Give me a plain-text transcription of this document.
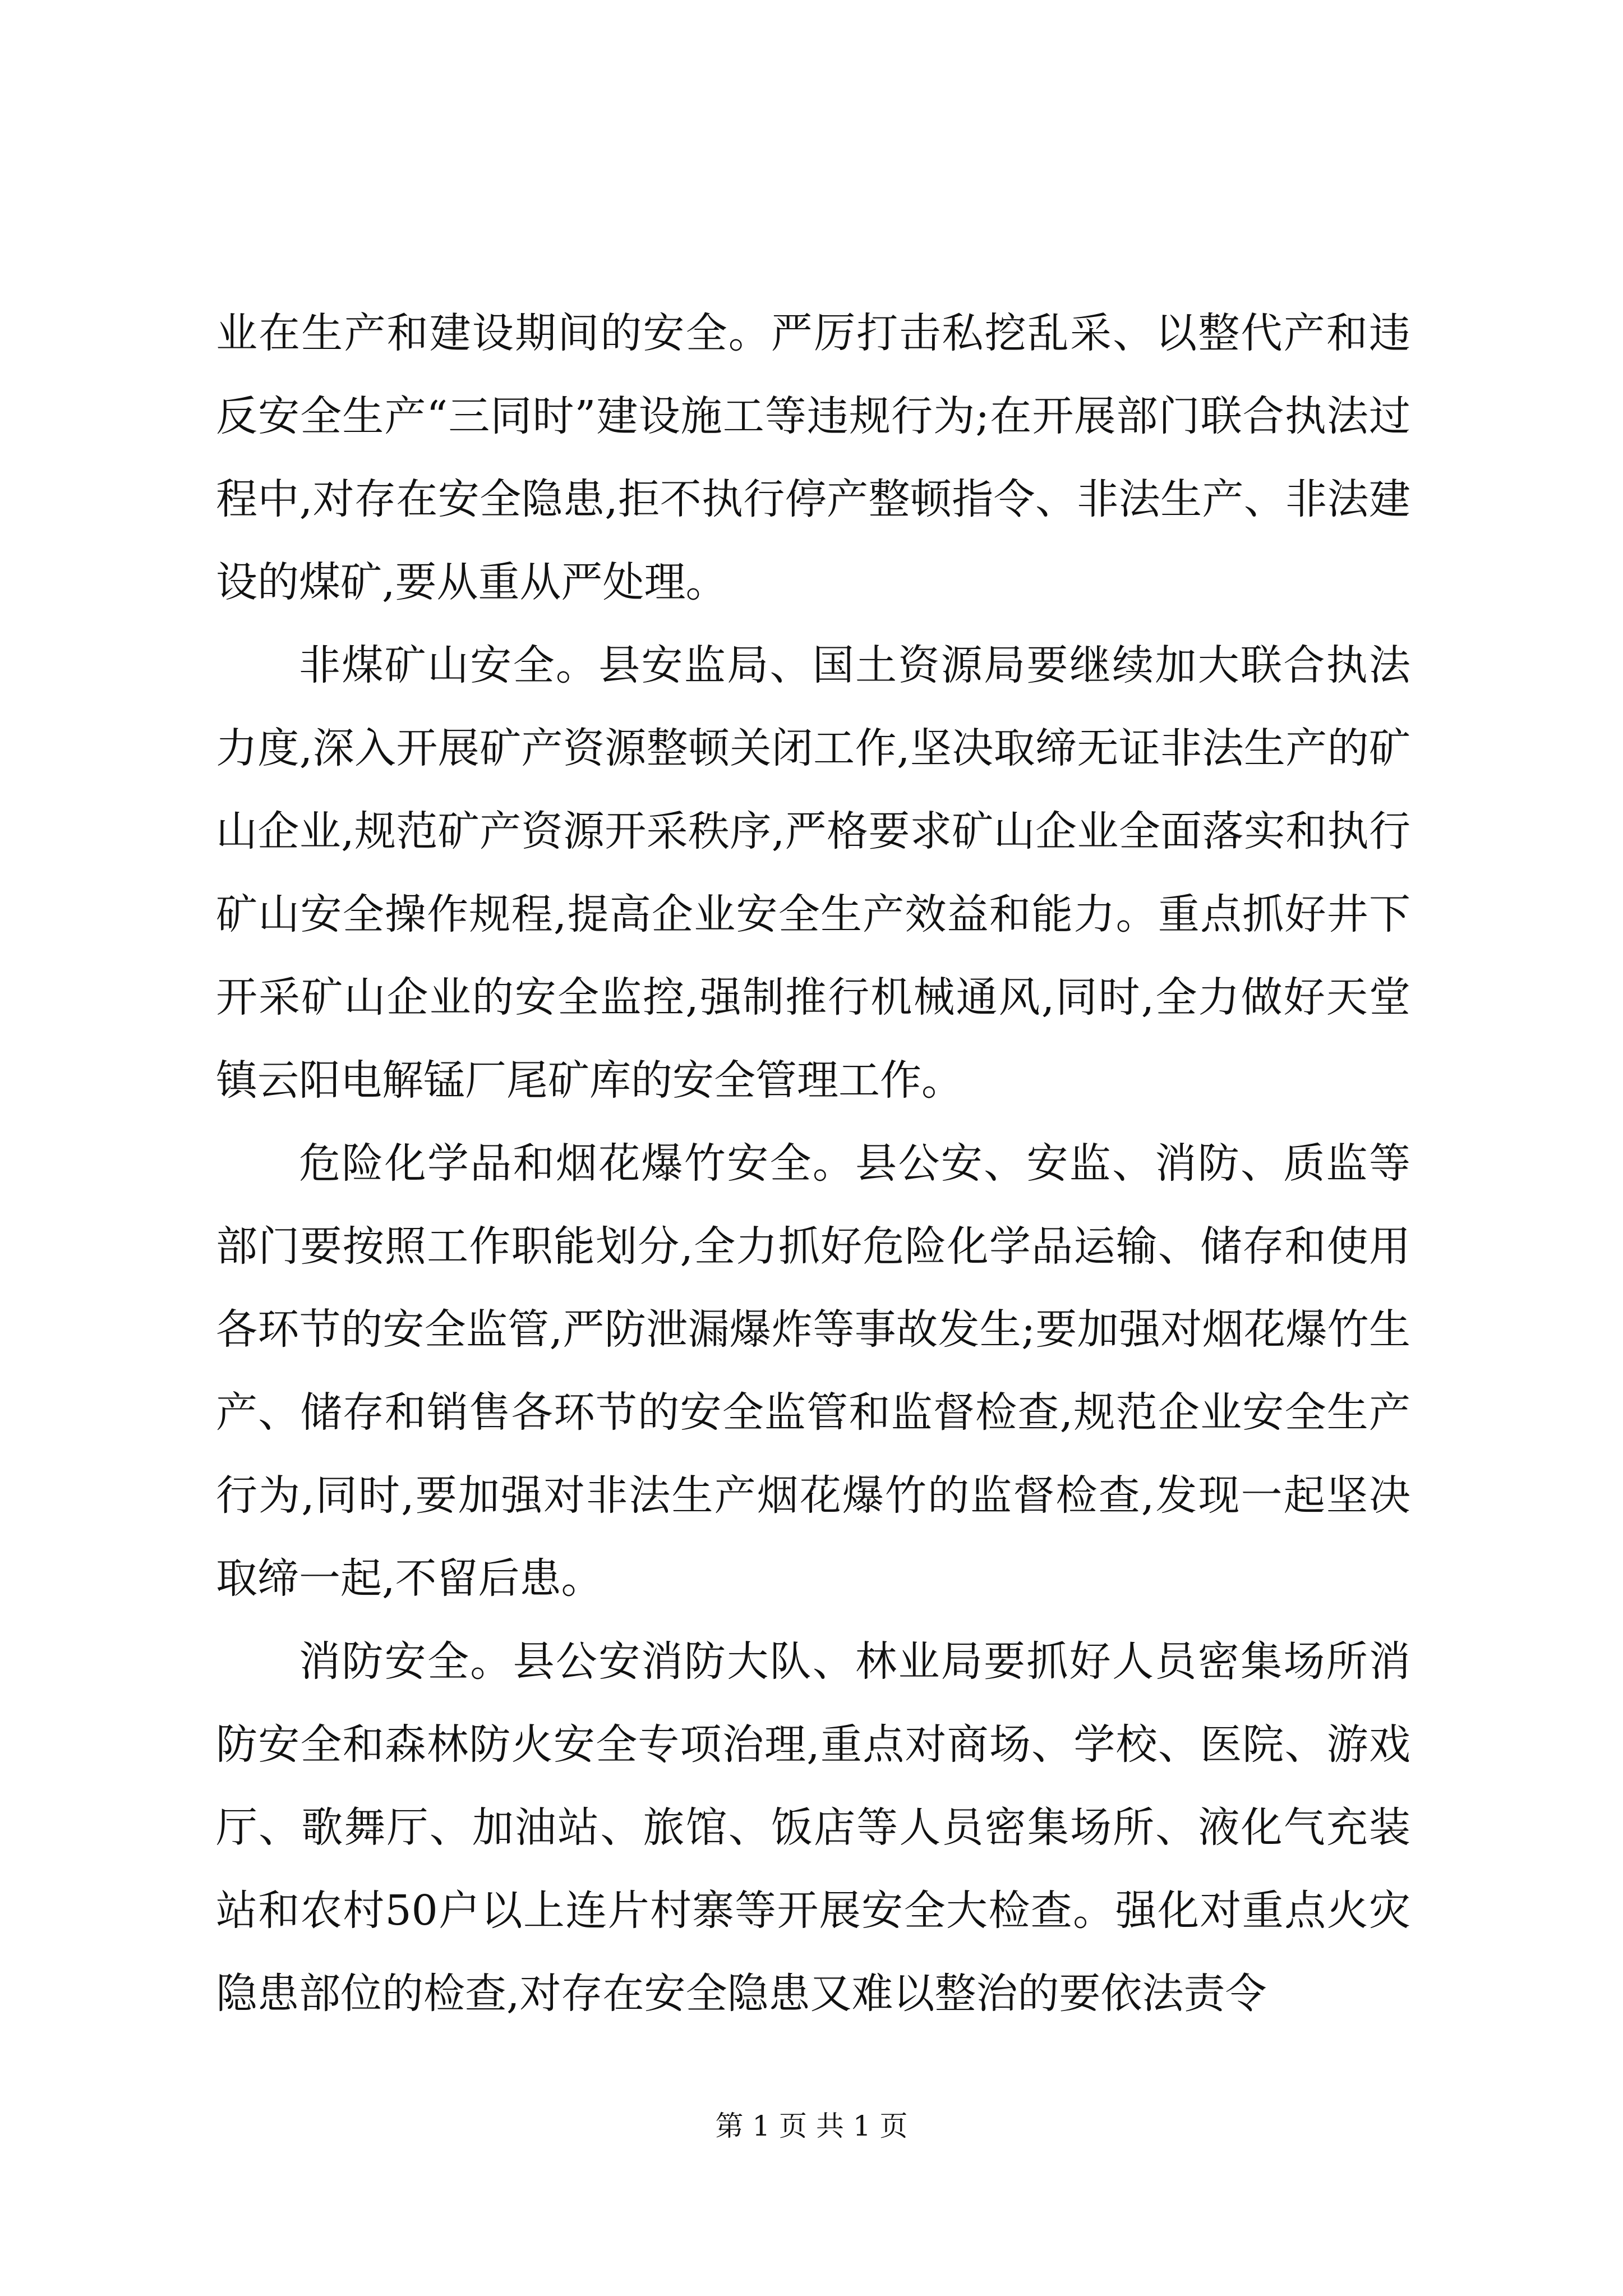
业在生产和建设期间的安全。严厉打击私挖乱采、以整代产和违反安全生产“三同时”建设施工等违规行为;在开展部门联合执法过程中,对存在安全隐患,拒不执行停产整顿指令、非法生产、非法建设的煤矿,要从重从严处理。

非煤矿山安全。县安监局、国土资源局要继续加大联合执法力度,深入开展矿产资源整顿关闭工作,坚决取缔无证非法生产的矿山企业,规范矿产资源开采秩序,严格要求矿山企业全面落实和执行矿山安全操作规程,提高企业安全生产效益和能力。重点抓好井下开采矿山企业的安全监控,强制推行机械通风,同时,全力做好天堂镇云阳电解锰厂尾矿库的安全管理工作。

危险化学品和烟花爆竹安全。县公安、安监、消防、质监等部门要按照工作职能划分,全力抓好危险化学品运输、储存和使用各环节的安全监管,严防泄漏爆炸等事故发生;要加强对烟花爆竹生产、储存和销售各环节的安全监管和监督检查,规范企业安全生产行为,同时,要加强对非法生产烟花爆竹的监督检查,发现一起坚决取缔一起,不留后患。

消防安全。县公安消防大队、林业局要抓好人员密集场所消防安全和森林防火安全专项治理,重点对商场、学校、医院、游戏厅、歌舞厅、加油站、旅馆、饭店等人员密集场所、液化气充装站和农村50户以上连片村寨等开展安全大检查。强化对重点火灾隐患部位的检查,对存在安全隐患又难以整治的要依法责令

第 1 页 共 1 页
